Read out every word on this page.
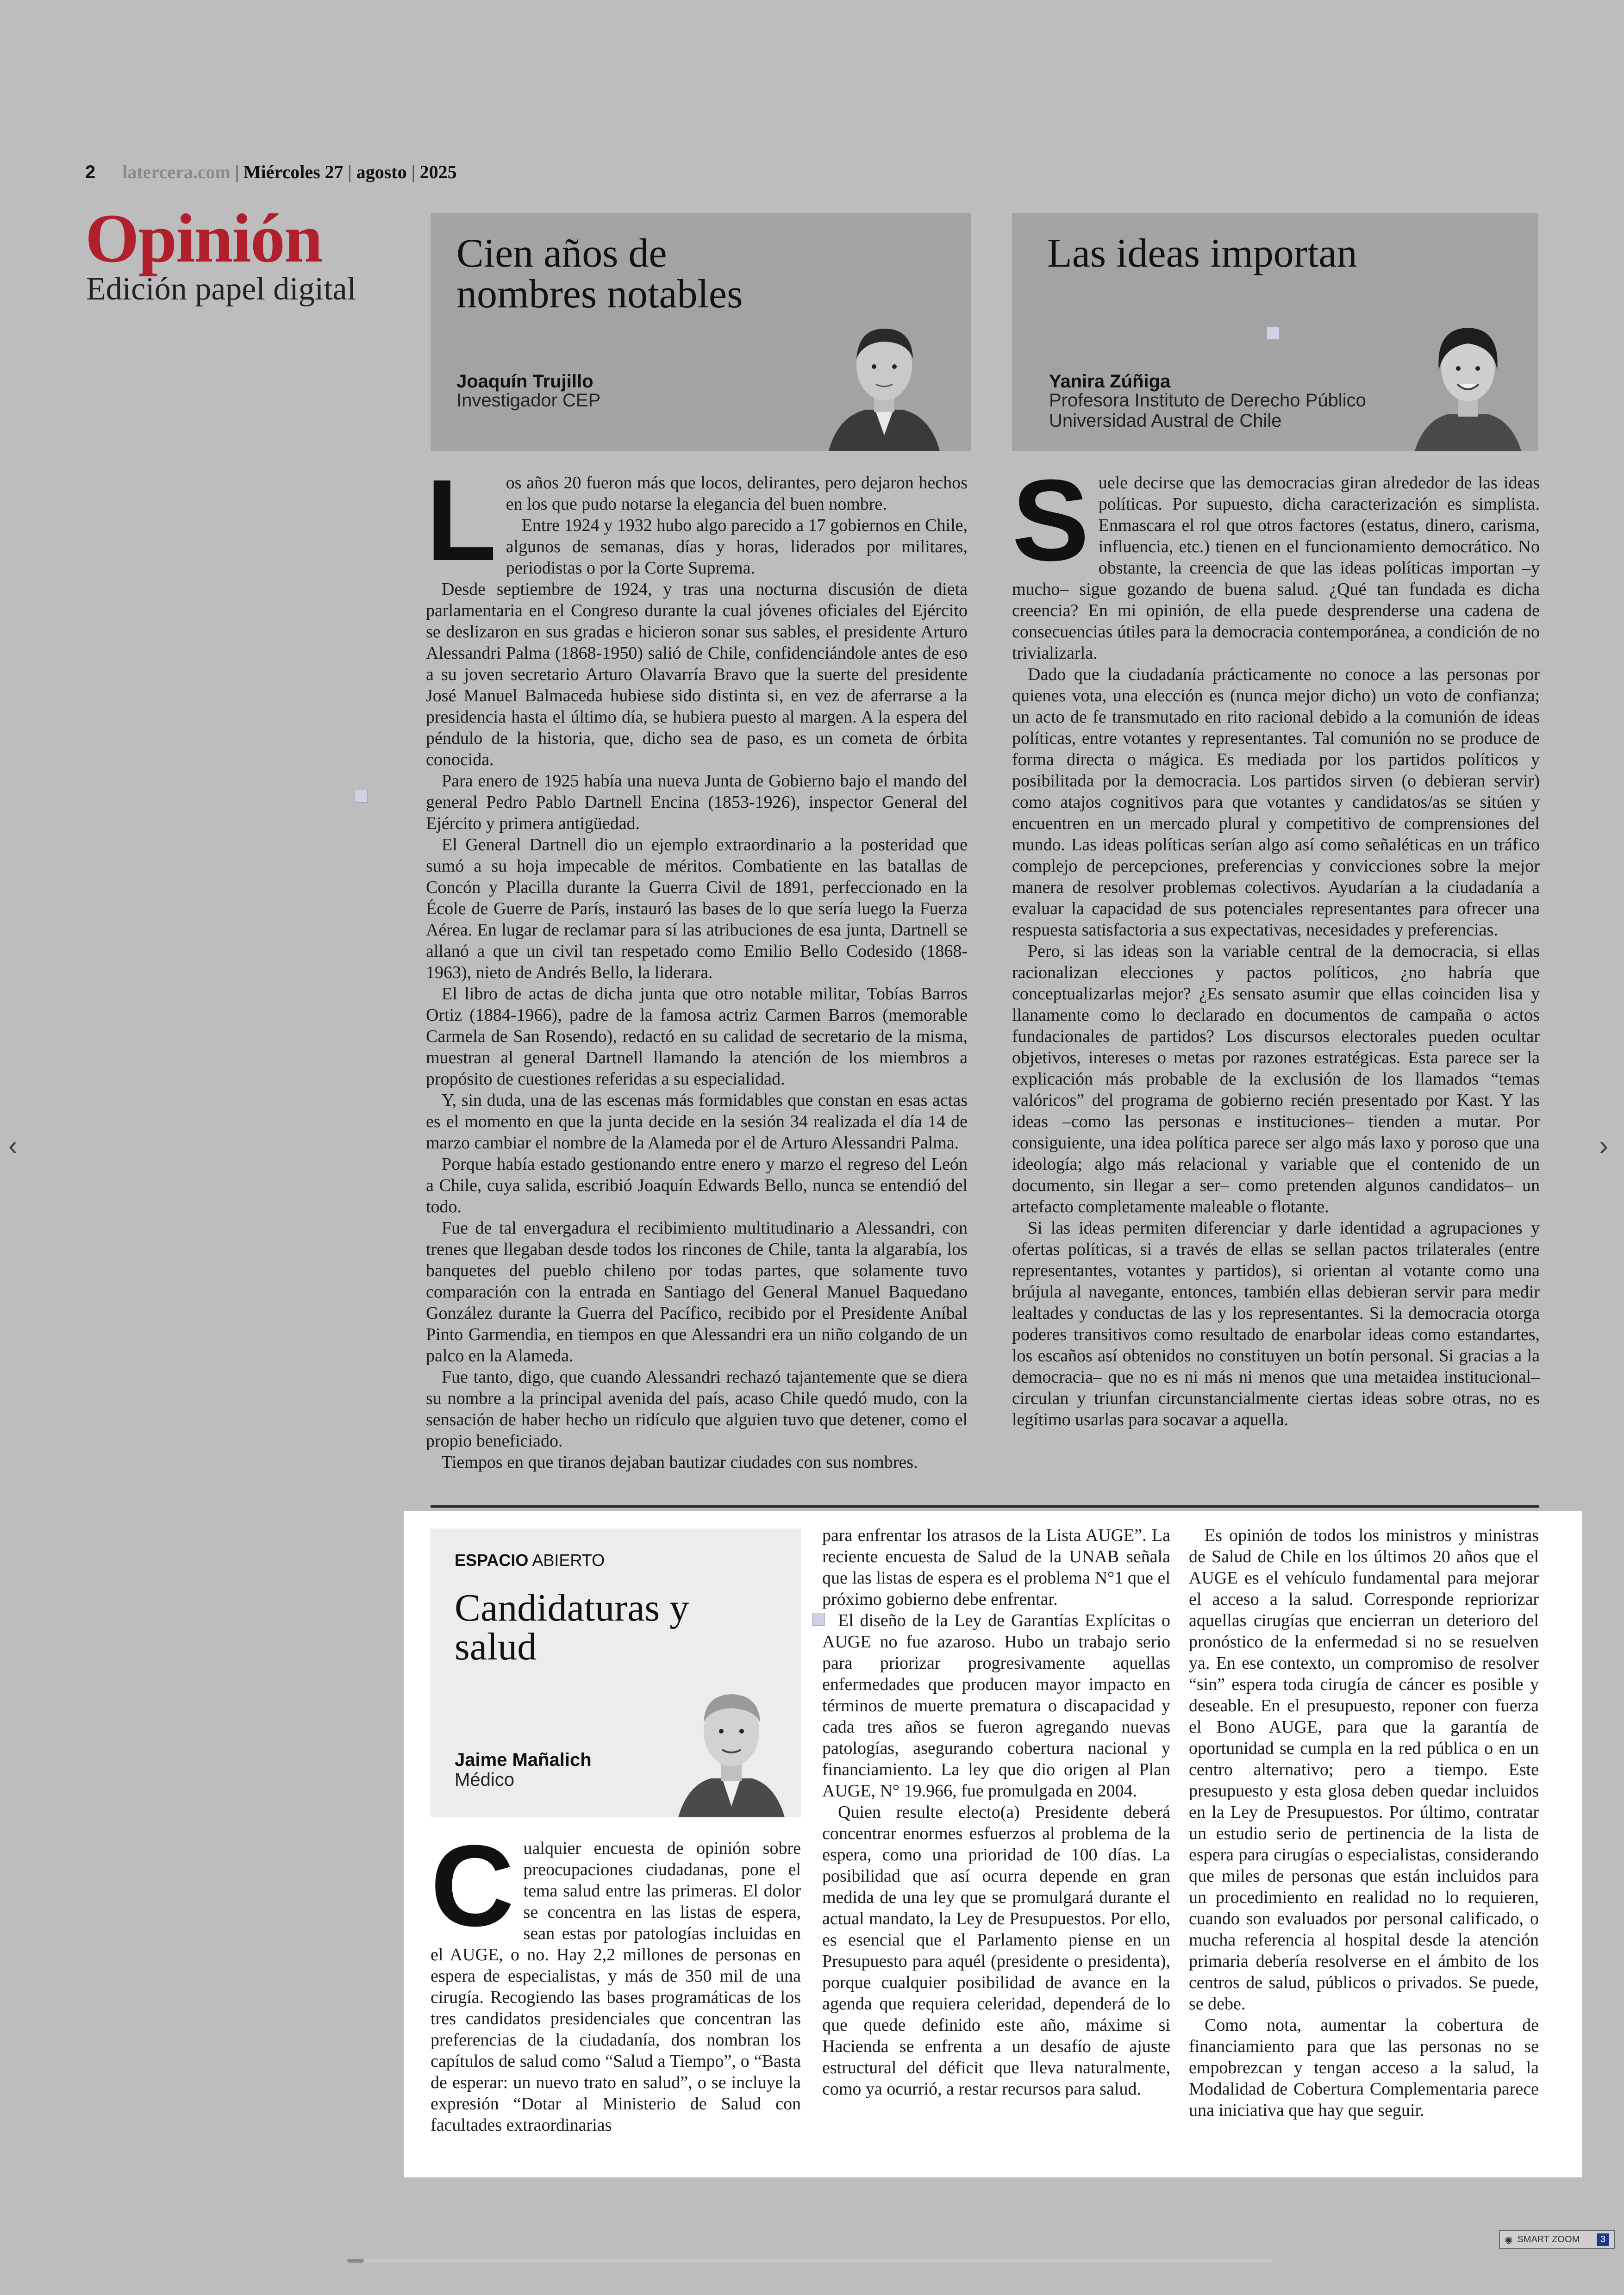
2 latercera.com | Miércoles 27 | agosto | 2025
Opinión
Edición papel digital
Cien años de
nombres notables
Joaquín Trujillo
Investigador CEP
Las ideas importan
Yanira Zúñiga
Profesora Instituto de Derecho Público
Universidad Austral de Chile
L os años 20 fueron más que locos, delirantes, pero dejaron hechos en los que pudo notarse la elegancia del buen nombre.

Entre 1924 y 1932 hubo algo parecido a 17 gobiernos en Chile, algunos de semanas, días y horas, liderados por militares, periodistas o por la Corte Suprema.

Desde septiembre de 1924, y tras una nocturna discusión de dieta parlamentaria en el Congreso durante la cual jóvenes oficiales del Ejército se deslizaron en sus gradas e hicieron sonar sus sables, el presidente Arturo Alessandri Palma (1868-1950) salió de Chile, confidenciándole antes de eso a su joven secretario Arturo Olavarría Bravo que la suerte del presidente José Manuel Balmaceda hubiese sido distinta si, en vez de aferrarse a la presidencia hasta el último día, se hubiera puesto al margen. A la espera del péndulo de la historia, que, dicho sea de paso, es un cometa de órbita conocida.

Para enero de 1925 había una nueva Junta de Gobierno bajo el mando del general Pedro Pablo Dartnell Encina (1853-1926), inspector General del Ejército y primera antigüedad.

El General Dartnell dio un ejemplo extraordinario a la posteridad que sumó a su hoja impecable de méritos. Combatiente en las batallas de Concón y Placilla durante la Guerra Civil de 1891, perfeccionado en la École de Guerre de París, instauró las bases de lo que sería luego la Fuerza Aérea. En lugar de reclamar para sí las atribuciones de esa junta, Dartnell se allanó a que un civil tan respetado como Emilio Bello Codesido (1868-1963), nieto de Andrés Bello, la liderara.

El libro de actas de dicha junta que otro notable militar, Tobías Barros Ortiz (1884-1966), padre de la famosa actriz Carmen Barros (memorable Carmela de San Rosendo), redactó en su calidad de secretario de la misma, muestran al general Dartnell llamando la atención de los miembros a propósito de cuestiones referidas a su especialidad.

Y, sin duda, una de las escenas más formidables que constan en esas actas es el momento en que la junta decide en la sesión 34 realizada el día 14 de marzo cambiar el nombre de la Alameda por el de Arturo Alessandri Palma.

Porque había estado gestionando entre enero y marzo el regreso del León a Chile, cuya salida, escribió Joaquín Edwards Bello, nunca se entendió del todo.

Fue de tal envergadura el recibimiento multitudinario a Alessandri, con trenes que llegaban desde todos los rincones de Chile, tanta la algarabía, los banquetes del pueblo chileno por todas partes, que solamente tuvo comparación con la entrada en Santiago del General Manuel Baquedano González durante la Guerra del Pacífico, recibido por el Presidente Aníbal Pinto Garmendia, en tiempos en que Alessandri era un niño colgando de un palco en la Alameda.

Fue tanto, digo, que cuando Alessandri rechazó tajantemente que se diera su nombre a la principal avenida del país, acaso Chile quedó mudo, con la sensación de haber hecho un ridículo que alguien tuvo que detener, como el propio beneficiado.

Tiempos en que tiranos dejaban bautizar ciudades con sus nombres.

S uele decirse que las democracias giran alrededor de las ideas políticas. Por supuesto, dicha caracterización es simplista. Enmascara el rol que otros factores (estatus, dinero, carisma, influencia, etc.) tienen en el funcionamiento democrático. No obstante, la creencia de que las ideas políticas importan –y mucho– sigue gozando de buena salud. ¿Qué tan fundada es dicha creencia? En mi opinión, de ella puede desprenderse una cadena de consecuencias útiles para la democracia contemporánea, a condición de no trivializarla.

Dado que la ciudadanía prácticamente no conoce a las personas por quienes vota, una elección es (nunca mejor dicho) un voto de confianza; un acto de fe transmutado en rito racional debido a la comunión de ideas políticas, entre votantes y representantes. Tal comunión no se produce de forma directa o mágica. Es mediada por los partidos políticos y posibilitada por la democracia. Los partidos sirven (o debieran servir) como atajos cognitivos para que votantes y candidatos/as se sitúen y encuentren en un mercado plural y competitivo de comprensiones del mundo. Las ideas políticas serían algo así como señaléticas en un tráfico complejo de percepciones, preferencias y convicciones sobre la mejor manera de resolver problemas colectivos. Ayudarían a la ciudadanía a evaluar la capacidad de sus potenciales representantes para ofrecer una respuesta satisfactoria a sus expectativas, necesidades y preferencias.

Pero, si las ideas son la variable central de la democracia, si ellas racionalizan elecciones y pactos políticos, ¿no habría que conceptualizarlas mejor? ¿Es sensato asumir que ellas coinciden lisa y llanamente como lo declarado en documentos de campaña o actos fundacionales de partidos? Los discursos electorales pueden ocultar objetivos, intereses o metas por razones estratégicas. Esta parece ser la explicación más probable de la exclusión de los llamados “temas valóricos” del programa de gobierno recién presentado por Kast. Y las ideas –como las personas e instituciones– tienden a mutar. Por consiguiente, una idea política parece ser algo más laxo y poroso que una ideología; algo más relacional y variable que el contenido de un documento, sin llegar a ser– como pretenden algunos candidatos– un artefacto completamente maleable o flotante.

Si las ideas permiten diferenciar y darle identidad a agrupaciones y ofertas políticas, si a través de ellas se sellan pactos trilaterales (entre representantes, votantes y partidos), si orientan al votante como una brújula al navegante, entonces, también ellas debieran servir para medir lealtades y conductas de las y los representantes. Si la democracia otorga poderes transitivos como resultado de enarbolar ideas como estandartes, los escaños así obtenidos no constituyen un botín personal. Si gracias a la democracia– que no es ni más ni menos que una metaidea institucional– circulan y triunfan circunstancialmente ciertas ideas sobre otras, no es legítimo usarlas para socavar a aquella.

ESPACIO ABIERTO
Candidaturas y
salud
Jaime Mañalich
Médico
C ualquier encuesta de opinión sobre preocupaciones ciudadanas, pone el tema salud entre las primeras. El dolor se concentra en las listas de espera, sean estas por patologías incluidas en el AUGE, o no. Hay 2,2 millones de personas en espera de especialistas, y más de 350 mil de una cirugía. Recogiendo las bases programáticas de los tres candidatos presidenciales que concentran las preferencias de la ciudadanía, dos nombran los capítulos de salud como “Salud a Tiempo”, o “Basta de esperar: un nuevo trato en salud”, o se incluye la expresión “Dotar al Ministerio de Salud con facultades extraordinarias

para enfrentar los atrasos de la Lista AUGE”. La reciente encuesta de Salud de la UNAB señala que las listas de espera es el problema N°1 que el próximo gobierno debe enfrentar.

El diseño de la Ley de Garantías Explícitas o AUGE no fue azaroso. Hubo un trabajo serio para priorizar progresivamente aquellas enfermedades que producen mayor impacto en términos de muerte prematura o discapacidad y cada tres años se fueron agregando nuevas patologías, asegurando cobertura nacional y financiamiento. La ley que dio origen al Plan AUGE, N° 19.966, fue promulgada en 2004.

Quien resulte electo(a) Presidente deberá concentrar enormes esfuerzos al problema de la espera, como una prioridad de 100 días. La posibilidad que así ocurra depende en gran medida de una ley que se promulgará durante el actual mandato, la Ley de Presupuestos. Por ello, es esencial que el Parlamento piense en un Presupuesto para aquél (presidente o presidenta), porque cualquier posibilidad de avance en la agenda que requiera celeridad, dependerá de lo que quede definido este año, máxime si Hacienda se enfrenta a un desafío de ajuste estructural del déficit que lleva naturalmente, como ya ocurrió, a restar recursos para salud.

Es opinión de todos los ministros y ministras de Salud de Chile en los últimos 20 años que el AUGE es el vehículo fundamental para mejorar el acceso a la salud. Corresponde repriorizar aquellas cirugías que encierran un deterioro del pronóstico de la enfermedad si no se resuelven ya. En ese contexto, un compromiso de resolver “sin” espera toda cirugía de cáncer es posible y deseable. En el presupuesto, reponer con fuerza el Bono AUGE, para que la garantía de oportunidad se cumpla en la red pública o en un centro alternativo; pero a tiempo. Este presupuesto y esta glosa deben quedar incluidos en la Ley de Presupuestos. Por último, contratar un estudio serio de pertinencia de la lista de espera para cirugías o especialistas, considerando que miles de personas que están incluidos para un procedimiento en realidad no lo requieren, cuando son evaluados por personal calificado, o mucha referencia al hospital desde la atención primaria debería resolverse en el ámbito de los centros de salud, públicos o privados. Se puede, se debe.

Como nota, aumentar la cobertura de financiamiento para que las personas no se empobrezcan y tengan acceso a la salud, la Modalidad de Cobertura Complementaria parece una iniciativa que hay que seguir.

‹	›
◉ SMART ZOOM	3
